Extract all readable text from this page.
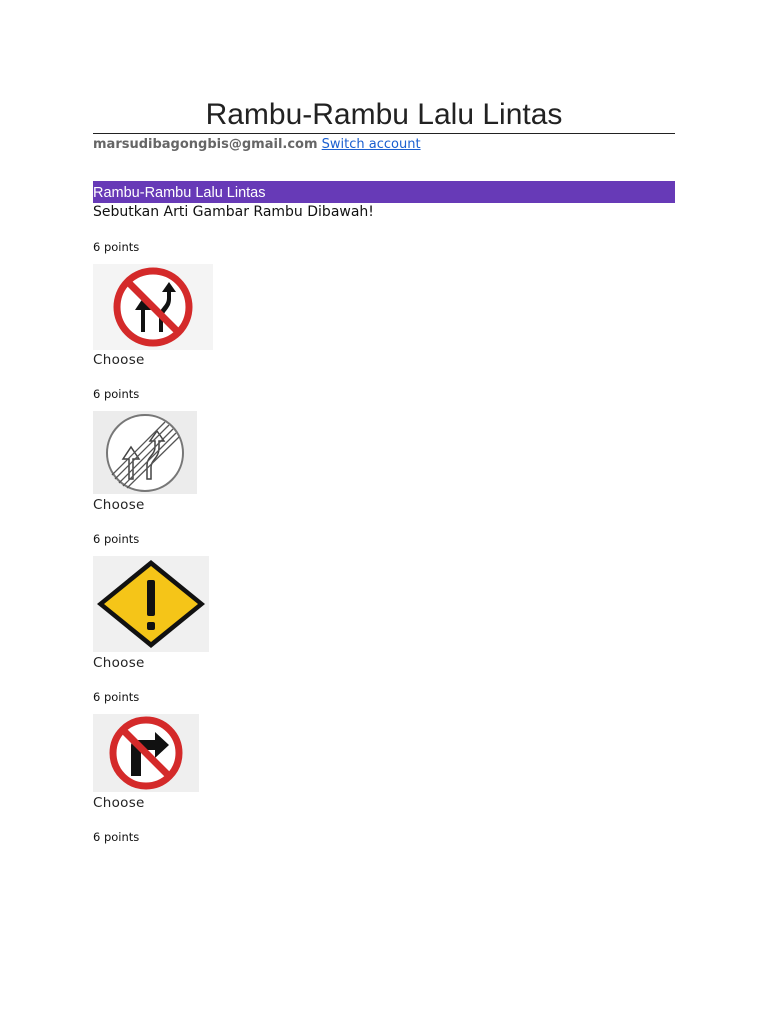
Rambu-Rambu Lalu Lintas
marsudibagongbis@gmail.com Switch account
Rambu-Rambu Lalu Lintas
Sebutkan Arti Gambar Rambu Dibawah!
6 points
Choose
6 points
Choose
6 points
Choose
6 points
Choose
6 points
